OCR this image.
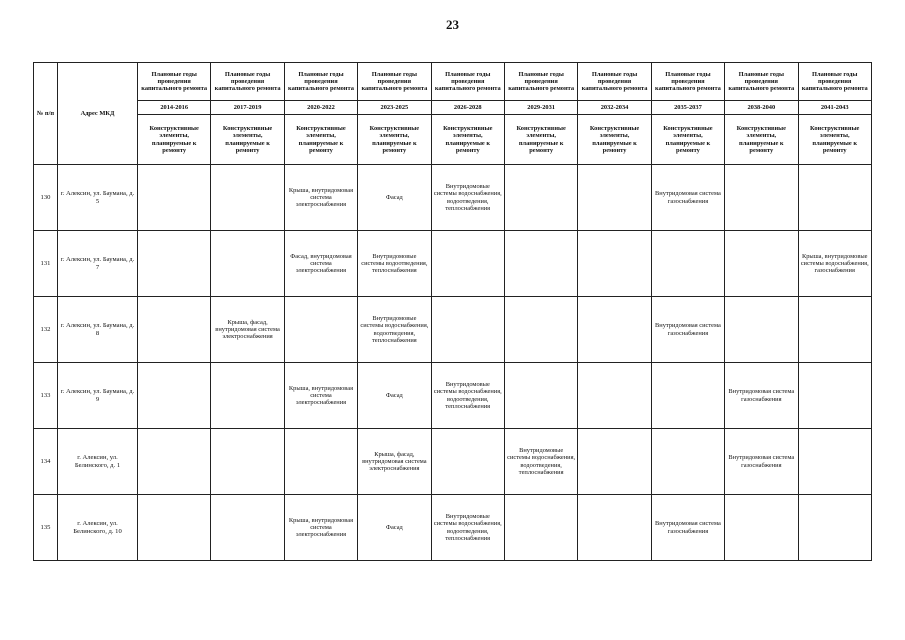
23
№ п/п	Адрес МКД	Плановые годы проведения капитального ремонта	Плановые годы проведения капитального ремонта	Плановые годы проведения капитального ремонта	Плановые годы проведения капитального ремонта	Плановые годы проведения капитального ремонта	Плановые годы проведения капитального ремонта	Плановые годы проведения капитального ремонта	Плановые годы проведения капитального ремонта	Плановые годы проведения капитального ремонта	Плановые годы проведения капитального ремонта
		2014-2016	2017-2019	2020-2022	2023-2025	2026-2028	2029-2031	2032-2034	2035-2037	2038-2040	2041-2043
		Конструктивные элементы, планируемые к ремонту	Конструктивные элементы, планируемые к ремонту	Конструктивные элементы, планируемые к ремонту	Конструктивные элементы, планируемые к ремонту	Конструктивные элементы, планируемые к ремонту	Конструктивные элементы, планируемые к ремонту	Конструктивные элементы, планируемые к ремонту	Конструктивные элементы, планируемые к ремонту	Конструктивные элементы, планируемые к ремонту	Конструктивные элементы, планируемые к ремонту
130	г. Алексин, ул. Баумана, д. 5			Крыша, внутридомовая система электроснабжения	Фасад	Внутридомовые системы водоснабжения, водоотведения, теплоснабжения			Внутридомовая система газоснабжения		
131	г. Алексин, ул. Баумана, д. 7			Фасад, внутридомовая система электроснабжения	Внутридомовые системы водоотведения, теплоснабжения						Крыша, внутридомовые системы водоснабжения, газоснабжения
132	г. Алексин, ул. Баумана, д. 8		Крыша, фасад, внутридомовая система электроснабжения		Внутридомовые системы водоснабжения, водоотведения, теплоснабжения				Внутридомовая система газоснабжения		
133	г. Алексин, ул. Баумана, д. 9			Крыша, внутридомовая система электроснабжения	Фасад	Внутридомовые системы водоснабжения, водоотведения, теплоснабжения				Внутридомовая система газоснабжения	
134	г. Алексин, ул. Белинского, д. 1				Крыша, фасад, внутридомовая система электроснабжения		Внутридомовые системы водоснабжения, водоотведения, теплоснабжения			Внутридомовая система газоснабжения	
135	г. Алексин, ул. Белинского, д. 10			Крыша, внутридомовая система электроснабжения	Фасад	Внутридомовые системы водоснабжения, водоотведения, теплоснабжения			Внутридомовая система газоснабжения		
